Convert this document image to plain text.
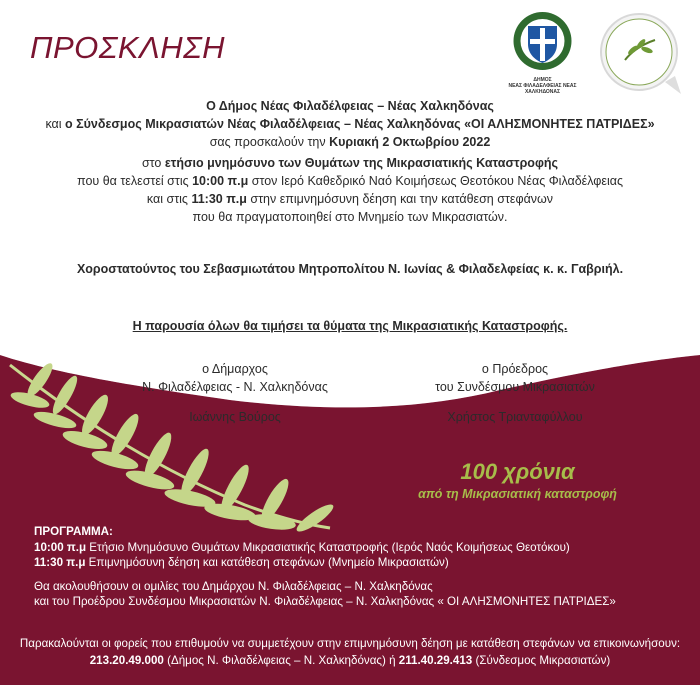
ΠΡΟΣΚΛΗΣΗ
ΔΗΜΟΣ
ΝΕΑΣ ΦΙΛΑΔΕΛΦΕΙΑΣ ΝΕΑΣ ΧΑΛΚΗΔΟΝΑΣ
Ο Δήμος Νέας Φιλαδέλφειας – Νέας Χαλκηδόνας
και ο Σύνδεσμος Μικρασιατών Νέας Φιλαδέλφειας – Νέας Χαλκηδόνας «ΟΙ ΑΛΗΣΜΟΝΗΤΕΣ ΠΑΤΡΙΔΕΣ»
σας προσκαλούν την Κυριακή 2 Οκτωβρίου 2022
στο ετήσιο μνημόσυνο των Θυμάτων της Μικρασιατικής Καταστροφής
που θα τελεστεί στις 10:00 π.μ στον Ιερό Καθεδρικό Ναό Κοιμήσεως Θεοτόκου Νέας Φιλαδέλφειας
και στις 11:30 π.μ στην επιμνημόσυνη δέηση και την κατάθεση στεφάνων
που θα πραγματοποιηθεί στο Μνημείο των Μικρασιατών.
Χοροστατούντος του Σεβασμιωτάτου Μητροπολίτου Ν. Ιωνίας & Φιλαδελφείας κ. κ. Γαβριήλ.
Η παρουσία όλων θα τιμήσει τα θύματα της Μικρασιατικής Καταστροφής.
ο Δήμαρχος
Ν. Φιλαδέλφειας - Ν. Χαλκηδόνας
Ιωάννης Βούρος
ο Πρόεδρος
του Συνδέσμου Μικρασιατών
Χρήστος Τριανταφύλλου
100 χρόνια
από τη Μικρασιατική καταστροφή
ΠΡΟΓΡΑΜΜΑ:
10:00 π.μ Ετήσιο Μνημόσυνο Θυμάτων Μικρασιατικής Καταστροφής (Ιερός Ναός Κοιμήσεως Θεοτόκου)
11:30 π.μ Επιμνημόσυνη δέηση και κατάθεση στεφάνων (Μνημείο Μικρασιατών)
Θα ακολουθήσουν οι ομιλίες του Δημάρχου Ν. Φιλαδέλφειας – Ν. Χαλκηδόνας
και του Προέδρου Συνδέσμου Μικρασιατών Ν. Φιλαδέλφειας – Ν. Χαλκηδόνας « ΟΙ ΑΛΗΣΜΟΝΗΤΕΣ ΠΑΤΡΙΔΕΣ»
Παρακαλούνται οι φορείς που επιθυμούν να συμμετέχουν στην επιμνημόσυνη δέηση με κατάθεση στεφάνων να επικοινωνήσουν:
213.20.49.000 (Δήμος Ν. Φιλαδέλφειας – Ν. Χαλκηδόνας) ή 211.40.29.413 (Σύνδεσμος Μικρασιατών)
